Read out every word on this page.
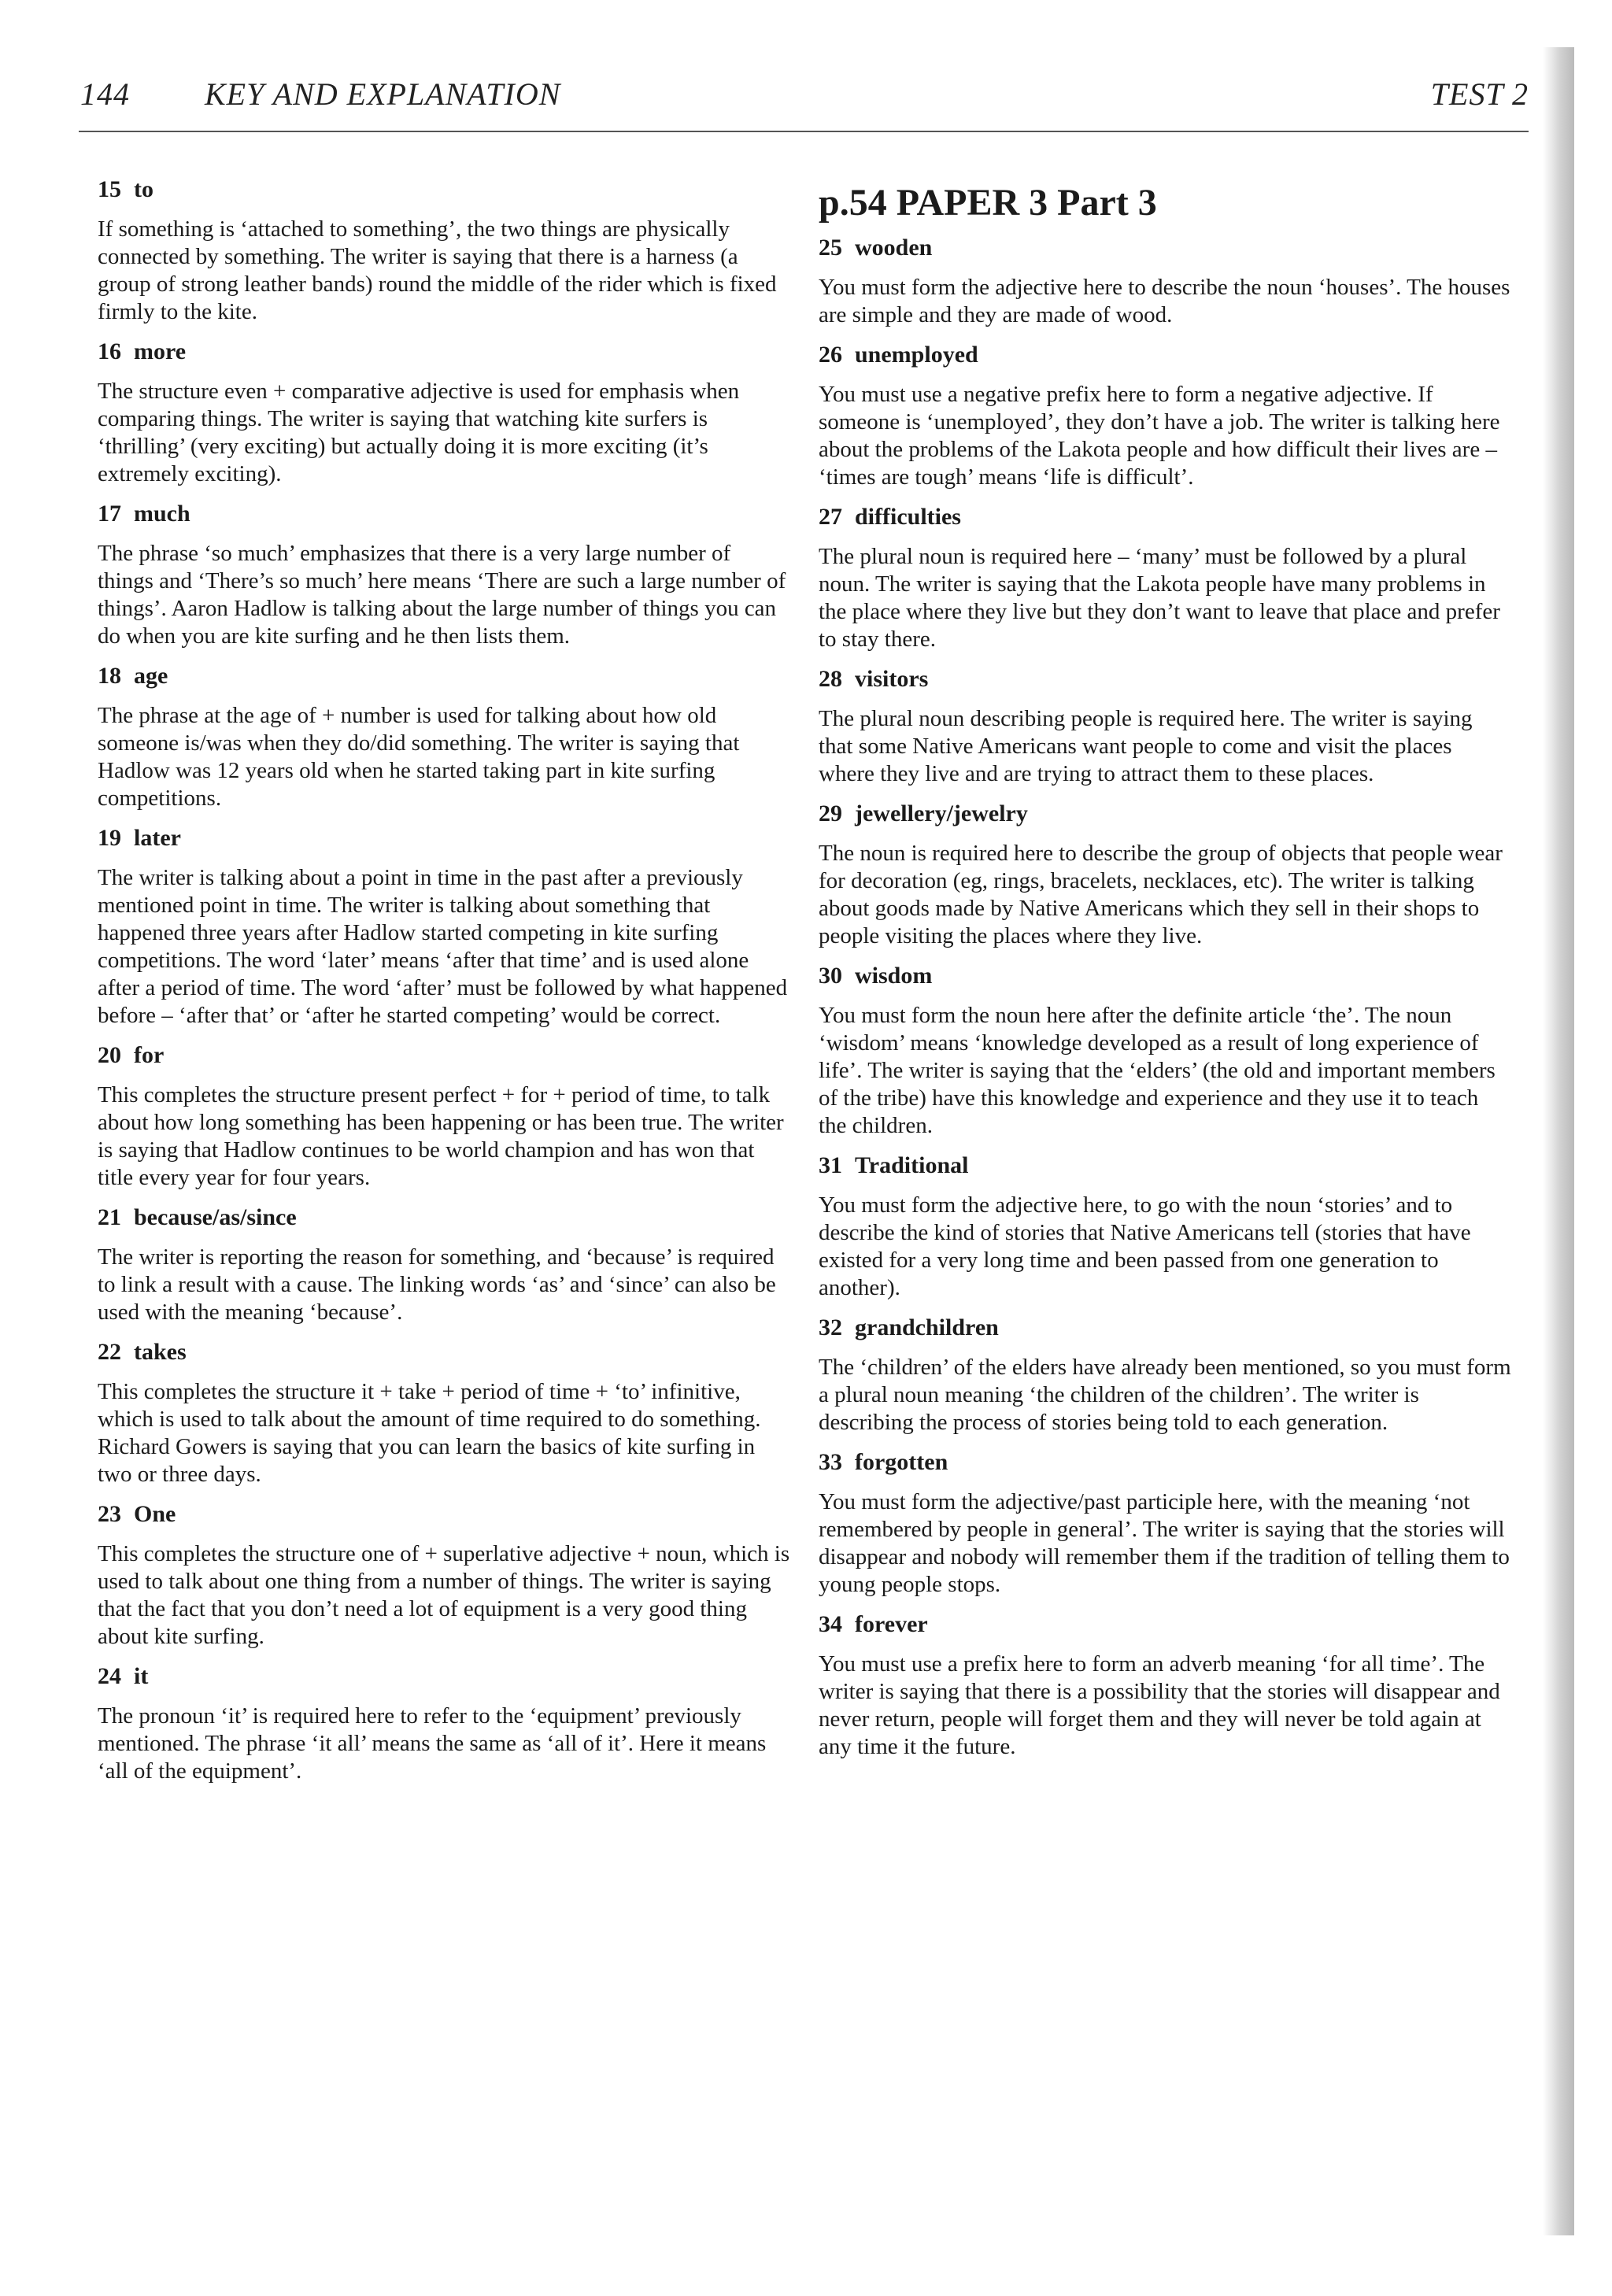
144 KEY AND EXPLANATION	TEST 2
15 to

If something is ‘attached to something’, the two things are physically connected by something. The writer is saying that there is a harness (a group of strong leather bands) round the middle of the rider which is fixed firmly to the kite.

16 more

The structure even + comparative adjective is used for emphasis when comparing things. The writer is saying that watching kite surfers is ‘thrilling’ (very exciting) but actually doing it is more exciting (it’s extremely exciting).

17 much

The phrase ‘so much’ emphasizes that there is a very large number of things and ‘There’s so much’ here means ‘There are such a large number of things’. Aaron Hadlow is talking about the large number of things you can do when you are kite surfing and he then lists them.

18 age

The phrase at the age of + number is used for talking about how old someone is/was when they do/did something. The writer is saying that Hadlow was 12 years old when he started taking part in kite surfing competitions.

19 later

The writer is talking about a point in time in the past after a previously mentioned point in time. The writer is talking about something that happened three years after Hadlow started competing in kite surfing competitions. The word ‘later’ means ‘after that time’ and is used alone after a period of time. The word ‘after’ must be followed by what happened before – ‘after that’ or ‘after he started competing’ would be correct.

20 for

This completes the structure present perfect + for + period of time, to talk about how long something has been happening or has been true. The writer is saying that Hadlow continues to be world champion and has won that title every year for four years.

21 because/as/since

The writer is reporting the reason for something, and ‘because’ is required to link a result with a cause. The linking words ‘as’ and ‘since’ can also be used with the meaning ‘because’.

22 takes

This completes the structure it + take + period of time + ‘to’ infinitive, which is used to talk about the amount of time required to do something. Richard Gowers is saying that you can learn the basics of kite surfing in two or three days.

23 One

This completes the structure one of + superlative adjective + noun, which is used to talk about one thing from a number of things. The writer is saying that the fact that you don’t need a lot of equipment is a very good thing about kite surfing.

24 it

The pronoun ‘it’ is required here to refer to the ‘equipment’ previously mentioned. The phrase ‘it all’ means the same as ‘all of it’. Here it means ‘all of the equipment’.

p.54 PAPER 3 Part 3
25 wooden

You must form the adjective here to describe the noun ‘houses’. The houses are simple and they are made of wood.

26 unemployed

You must use a negative prefix here to form a negative adjective. If someone is ‘unemployed’, they don’t have a job. The writer is talking here about the problems of the Lakota people and how difficult their lives are – ‘times are tough’ means ‘life is difficult’.

27 difficulties

The plural noun is required here – ‘many’ must be followed by a plural noun. The writer is saying that the Lakota people have many problems in the place where they live but they don’t want to leave that place and prefer to stay there.

28 visitors

The plural noun describing people is required here. The writer is saying that some Native Americans want people to come and visit the places where they live and are trying to attract them to these places.

29 jewellery/jewelry

The noun is required here to describe the group of objects that people wear for decoration (eg, rings, bracelets, necklaces, etc). The writer is talking about goods made by Native Americans which they sell in their shops to people visiting the places where they live.

30 wisdom

You must form the noun here after the definite article ‘the’. The noun ‘wisdom’ means ‘knowledge developed as a result of long experience of life’. The writer is saying that the ‘elders’ (the old and important members of the tribe) have this knowledge and experience and they use it to teach the children.

31 Traditional

You must form the adjective here, to go with the noun ‘stories’ and to describe the kind of stories that Native Americans tell (stories that have existed for a very long time and been passed from one generation to another).

32 grandchildren

The ‘children’ of the elders have already been mentioned, so you must form a plural noun meaning ‘the children of the children’. The writer is describing the process of stories being told to each generation.

33 forgotten

You must form the adjective/past participle here, with the meaning ‘not remembered by people in general’. The writer is saying that the stories will disappear and nobody will remember them if the tradition of telling them to young people stops.

34 forever

You must use a prefix here to form an adverb meaning ‘for all time’. The writer is saying that there is a possibility that the stories will disappear and never return, people will forget them and they will never be told again at any time it the future.
